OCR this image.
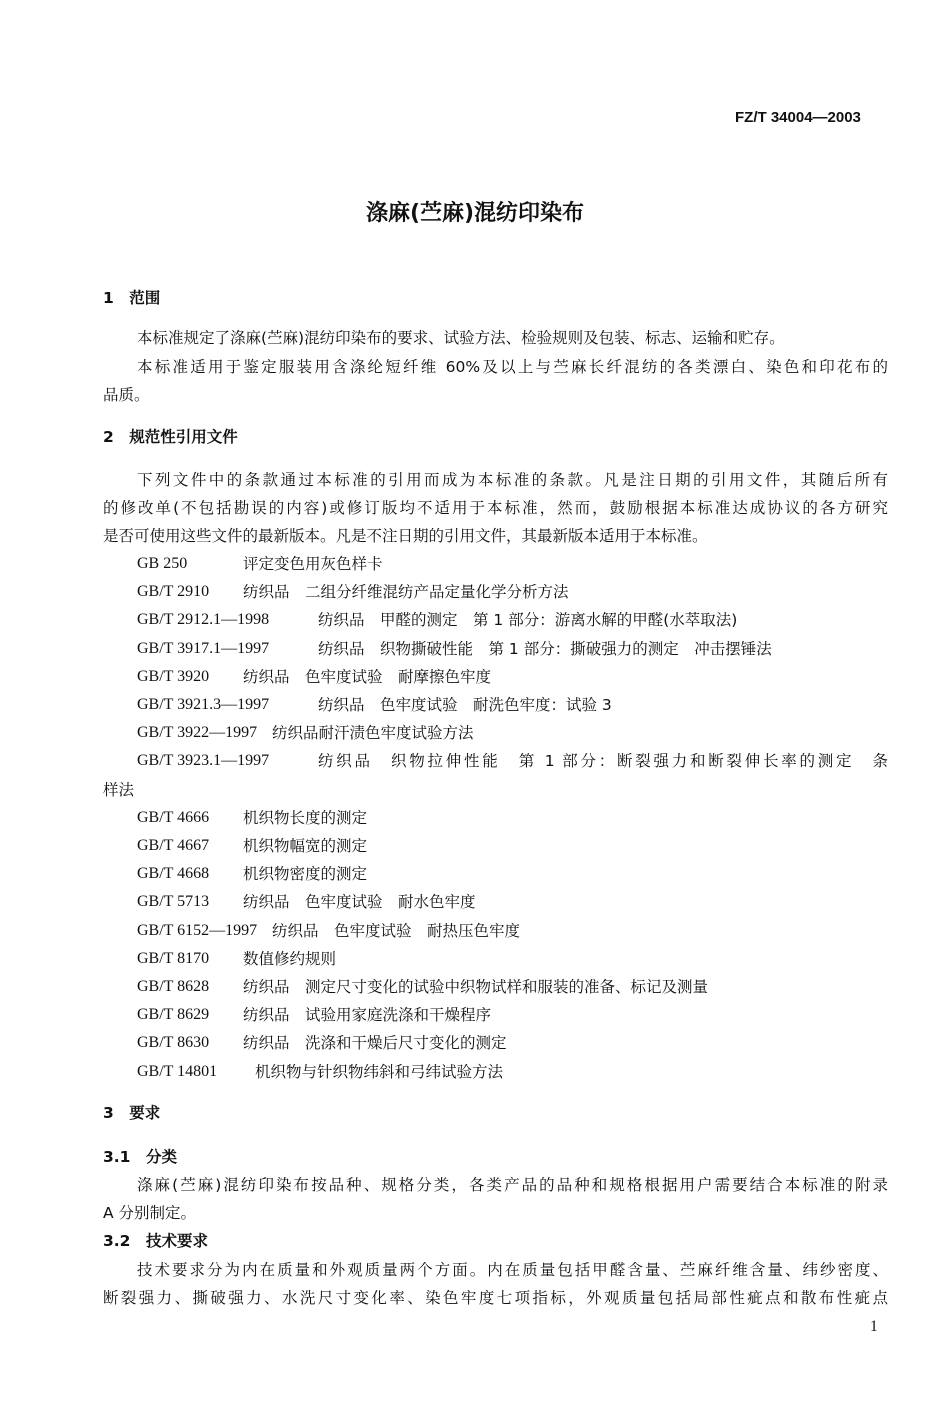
FZ/T 34004—2003
涤麻(苎麻)混纺印染布
1　范围
本标准规定了涤麻(苎麻)混纺印染布的要求、试验方法、检验规则及包装、标志、运输和贮存。
本标准适用于鉴定服装用含涤纶短纤维 60%及以上与苎麻长纤混纺的各类漂白、染色和印花布的
品质。
2　规范性引用文件
下列文件中的条款通过本标准的引用而成为本标准的条款。凡是注日期的引用文件，其随后所有
的修改单(不包括勘误的内容)或修订版均不适用于本标准，然而，鼓励根据本标准达成协议的各方研究
是否可使用这些文件的最新版本。凡是不注日期的引用文件，其最新版本适用于本标准。
GB 250	评定变色用灰色样卡
GB/T 2910 纺织品　二组分纤维混纺产品定量化学分析方法
GB/T 2912.1—1998	纺织品　甲醛的测定　第 1 部分：游离水解的甲醛(水萃取法)
GB/T 3917.1—1997	纺织品　织物撕破性能　第 1 部分：撕破强力的测定　冲击摆锤法
GB/T 3920 纺织品　色牢度试验　耐摩擦色牢度
GB/T 3921.3—1997	纺织品　色牢度试验　耐洗色牢度：试验 3
GB/T 3922—1997 纺织品耐汗渍色牢度试验方法
GB/T 3923.1—1997	纺织品　织物拉伸性能　第 1 部分：断裂强力和断裂伸长率的测定　条
样法
GB/T 4666 机织物长度的测定
GB/T 4667 机织物幅宽的测定
GB/T 4668 机织物密度的测定
GB/T 5713 纺织品　色牢度试验　耐水色牢度
GB/T 6152—1997 纺织品　色牢度试验　耐热压色牢度
GB/T 8170 数值修约规则
GB/T 8628 纺织品　测定尺寸变化的试验中织物试样和服装的准备、标记及测量
GB/T 8629 纺织品　试验用家庭洗涤和干燥程序
GB/T 8630 纺织品　洗涤和干燥后尺寸变化的测定
GB/T 14801 机织物与针织物纬斜和弓纬试验方法
3　要求
3.1　分类
涤麻(苎麻)混纺印染布按品种、规格分类，各类产品的品种和规格根据用户需要结合本标准的附录
A 分别制定。
3.2　技术要求
技术要求分为内在质量和外观质量两个方面。内在质量包括甲醛含量、苎麻纤维含量、纬纱密度、
断裂强力、撕破强力、水洗尺寸变化率、染色牢度七项指标，外观质量包括局部性疵点和散布性疵点
1
